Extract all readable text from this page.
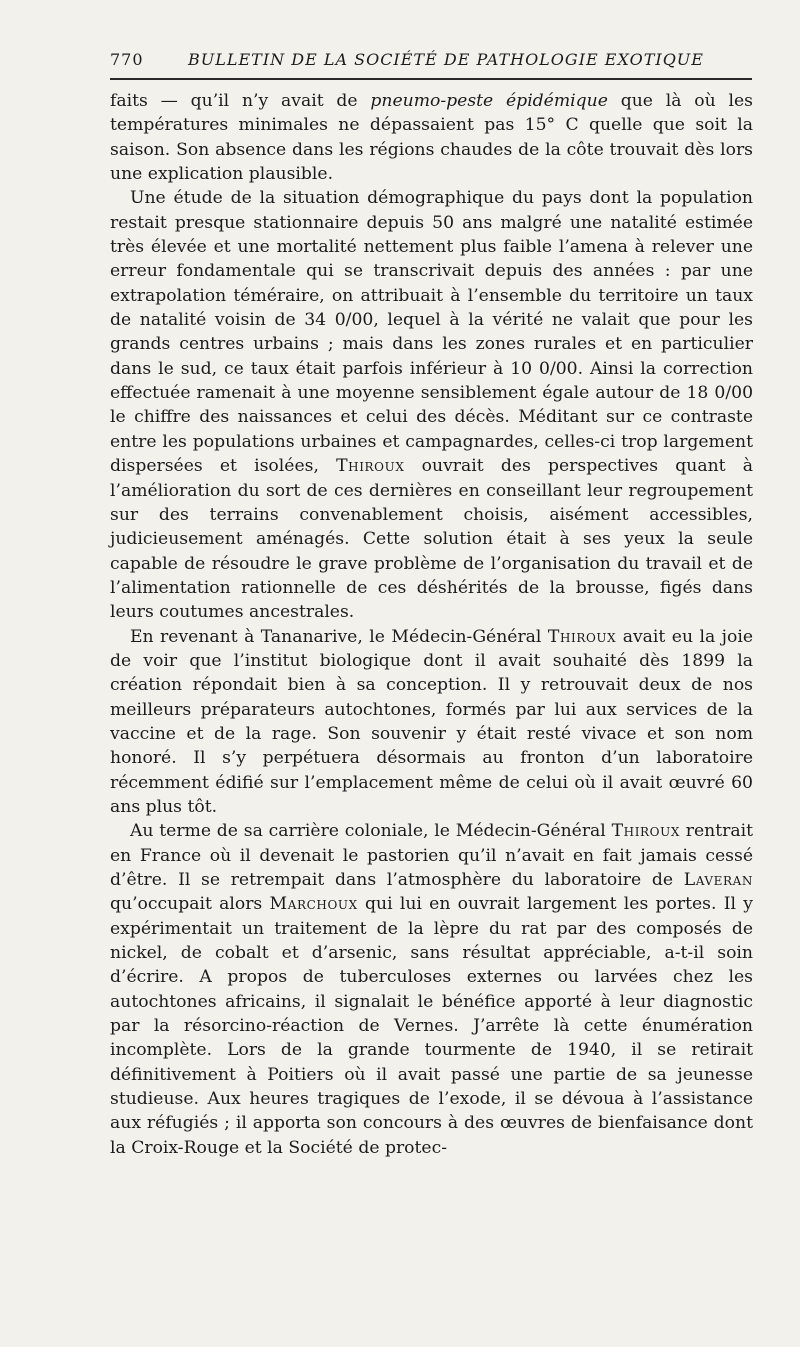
770	BULLETIN DE LA SOCIÉTÉ DE PATHOLOGIE EXOTIQUE

faits — qu’il n’y avait de pneumo-peste épidémique que là où les températures minimales ne dépassaient pas 15° C quelle que soit la saison. Son absence dans les régions chaudes de la côte trouvait dès lors une explication plausible.

Une étude de la situation démographique du pays dont la population restait presque stationnaire depuis 50 ans malgré une natalité estimée très élevée et une mortalité nettement plus faible l’amena à relever une erreur fondamentale qui se transcrivait depuis des années : par une extrapolation téméraire, on attribuait à l’ensemble du territoire un taux de natalité voisin de 34 0/00, lequel à la vérité ne valait que pour les grands centres urbains ; mais dans les zones rurales et en particulier dans le sud, ce taux était parfois inférieur à 10 0/00. Ainsi la correction effectuée ramenait à une moyenne sensiblement égale autour de 18 0/00 le chiffre des naissances et celui des décès. Méditant sur ce contraste entre les populations urbaines et campagnardes, celles-ci trop largement dispersées et isolées, Thiroux ouvrait des perspectives quant à l’amélioration du sort de ces dernières en conseillant leur regroupement sur des terrains convenablement choisis, aisément accessibles, judicieusement aménagés. Cette solution était à ses yeux la seule capable de résoudre le grave problème de l’organisation du travail et de l’alimentation rationnelle de ces déshérités de la brousse, figés dans leurs coutumes ancestrales.

En revenant à Tananarive, le Médecin-Général Thiroux avait eu la joie de voir que l’institut biologique dont il avait souhaité dès 1899 la création répondait bien à sa conception. Il y retrouvait deux de nos meilleurs préparateurs autochtones, formés par lui aux services de la vaccine et de la rage. Son souvenir y était resté vivace et son nom honoré. Il s’y perpétuera désormais au fronton d’un laboratoire récemment édifié sur l’emplacement même de celui où il avait œuvré 60 ans plus tôt.

Au terme de sa carrière coloniale, le Médecin-Général Thiroux rentrait en France où il devenait le pastorien qu’il n’avait en fait jamais cessé d’être. Il se retrempait dans l’atmosphère du laboratoire de Laveran qu’occupait alors Marchoux qui lui en ouvrait largement les portes. Il y expérimentait un traitement de la lèpre du rat par des composés de nickel, de cobalt et d’arsenic, sans résultat appréciable, a-t-il soin d’écrire. A propos de tuberculoses externes ou larvées chez les autochtones africains, il signalait le bénéfice apporté à leur diagnostic par la résorcino-réaction de Vernes. J’arrête là cette énumération incomplète. Lors de la grande tourmente de 1940, il se retirait définitivement à Poitiers où il avait passé une partie de sa jeunesse studieuse. Aux heures tragiques de l’exode, il se dévoua à l’assistance aux réfugiés ; il apporta son concours à des œuvres de bienfaisance dont la Croix-Rouge et la Société de protec-
